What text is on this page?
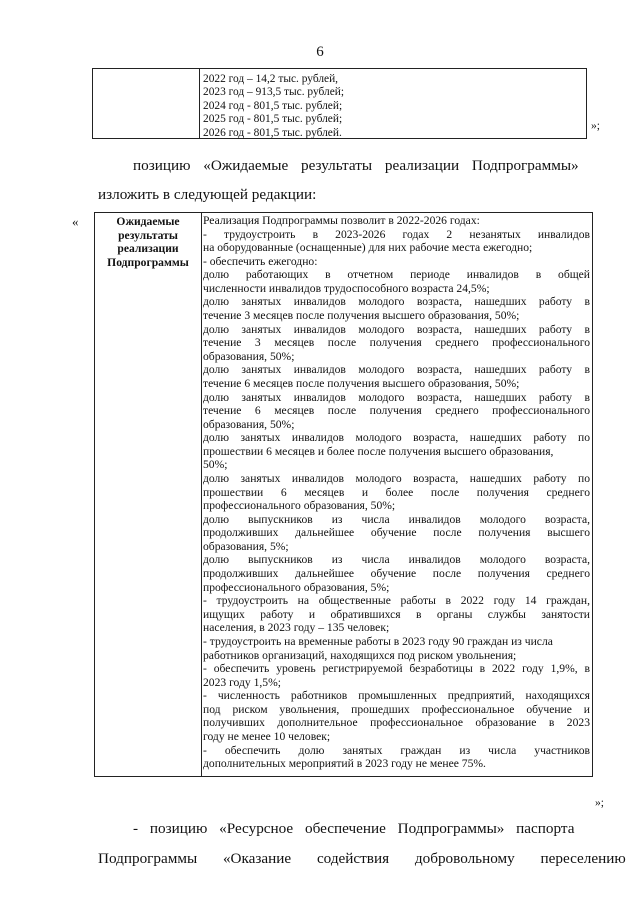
6
2022 год – 14,2 тыс. рублей,
2023 год – 913,5 тыс. рублей;
2024 год - 801,5 тыс. рублей;
2025 год - 801,5 тыс. рублей;
2026 год - 801,5 тыс. рублей.
»;
позицию «Ожидаемые результаты реализации Подпрограммы»
изложить в следующей редакции:
«	Ожидаемые
результаты
реализации
Подпрограммы
Реализация Подпрограммы позволит в 2022-2026 годах:
- трудоустроить в 2023-2026 годах 2 незанятых инвалидов
на оборудованные (оснащенные) для них рабочие места ежегодно;
- обеспечить ежегодно:
долю работающих в отчетном периоде инвалидов в общей
численности инвалидов трудоспособного возраста 24,5%;
долю занятых инвалидов молодого возраста, нашедших работу в
течение 3 месяцев после получения высшего образования, 50%;
долю занятых инвалидов молодого возраста, нашедших работу в
течение 3 месяцев после получения среднего профессионального
образования, 50%;
долю занятых инвалидов молодого возраста, нашедших работу в
течение 6 месяцев после получения высшего образования, 50%;
долю занятых инвалидов молодого возраста, нашедших работу в
течение 6 месяцев после получения среднего профессионального
образования, 50%;
долю занятых инвалидов молодого возраста, нашедших работу по
прошествии 6 месяцев и более после получения высшего образования,
50%;
долю занятых инвалидов молодого возраста, нашедших работу по
прошествии 6 месяцев и более после получения среднего
профессионального образования, 50%;
долю выпускников из числа инвалидов молодого возраста,
продолживших дальнейшее обучение после получения высшего
образования, 5%;
долю выпускников из числа инвалидов молодого возраста,
продолживших дальнейшее обучение после получения среднего
профессионального образования, 5%;
- трудоустроить на общественные работы в 2022 году 14 граждан,
ищущих работу и обратившихся в органы службы занятости
населения, в 2023 году – 135 человек;
- трудоустроить на временные работы в 2023 году 90 граждан из числа
работников организаций, находящихся под риском увольнения;
- обеспечить уровень регистрируемой безработицы в 2022 году 1,9%, в
2023 году 1,5%;
- численность работников промышленных предприятий, находящихся
под риском увольнения, прошедших профессиональное обучение и
получивших дополнительное профессиональное образование в 2023
году не менее 10 человек;
- обеспечить долю занятых граждан из числа участников
дополнительных мероприятий в 2023 году не менее 75%.
»;
- позицию «Ресурсное обеспечение Подпрограммы» паспорта
Подпрограммы «Оказание содействия добровольному переселению
